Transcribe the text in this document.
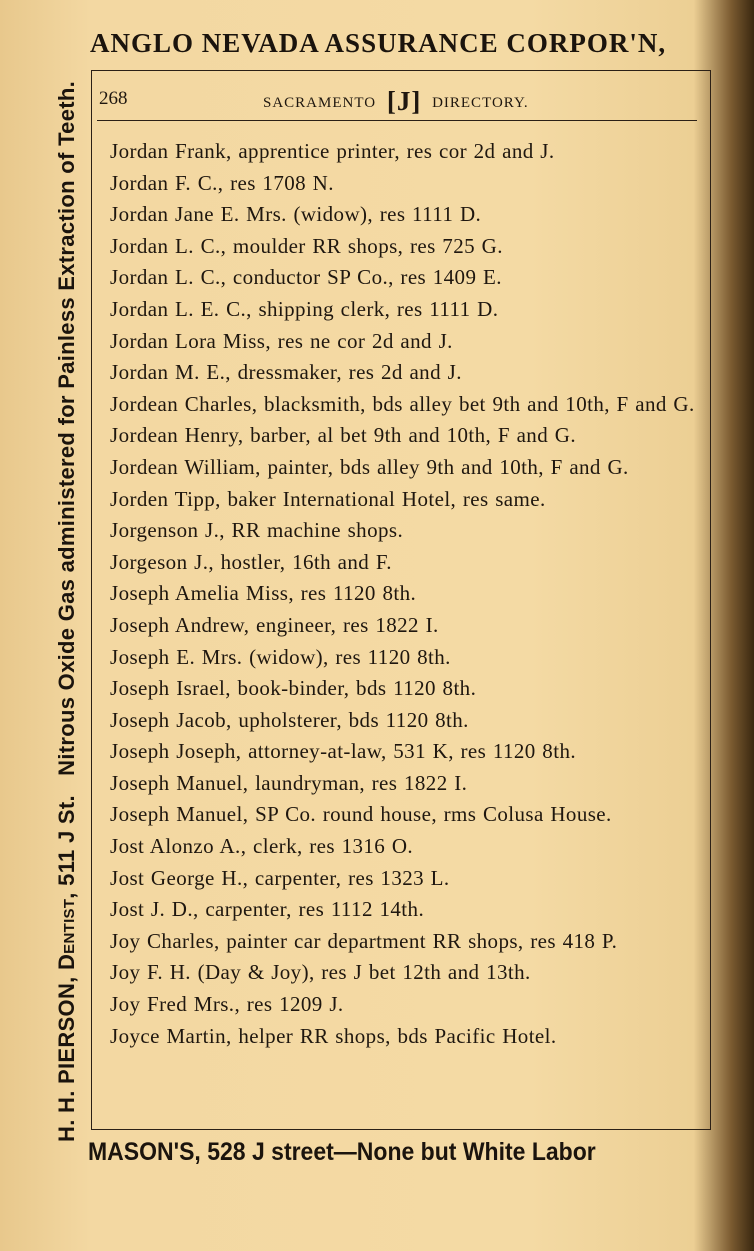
ANGLO NEVADA ASSURANCE CORPOR'N,
H. H. PIERSON, Dentist, 511 J St.   Nitrous Oxide Gas administered for Painless Extraction of Teeth. 268	SACRAMENTO [J] DIRECTORY.
Jordan Frank, apprentice printer, res cor 2d and J.
Jordan F. C., res 1708 N.
Jordan Jane E. Mrs. (widow), res 1111 D.
Jordan L. C., moulder RR shops, res 725 G.
Jordan L. C., conductor SP Co., res 1409 E.
Jordan L. E. C., shipping clerk, res 1111 D.
Jordan Lora Miss, res ne cor 2d and J.
Jordan M. E., dressmaker, res 2d and J.
Jordean Charles, blacksmith, bds alley bet 9th and 10th, F and G.
Jordean Henry, barber, al bet 9th and 10th, F and G.
Jordean William, painter, bds alley 9th and 10th, F and G.
Jorden Tipp, baker International Hotel, res same.
Jorgenson J., RR machine shops.
Jorgeson J., hostler, 16th and F.
Joseph Amelia Miss, res 1120 8th.
Joseph Andrew, engineer, res 1822 I.
Joseph E. Mrs. (widow), res 1120 8th.
Joseph Israel, book-binder, bds 1120 8th.
Joseph Jacob, upholsterer, bds 1120 8th.
Joseph Joseph, attorney-at-law, 531 K, res 1120 8th.
Joseph Manuel, laundryman, res 1822 I.
Joseph Manuel, SP Co. round house, rms Colusa House.
Jost Alonzo A., clerk, res 1316 O.
Jost George H., carpenter, res 1323 L.
Jost J. D., carpenter, res 1112 14th.
Joy Charles, painter car department RR shops, res 418 P.
Joy F. H. (Day & Joy), res J bet 12th and 13th.
Joy Fred Mrs., res 1209 J.
Joyce Martin, helper RR shops, bds Pacific Hotel.
MASON'S, 528 J street—None but White Labor
